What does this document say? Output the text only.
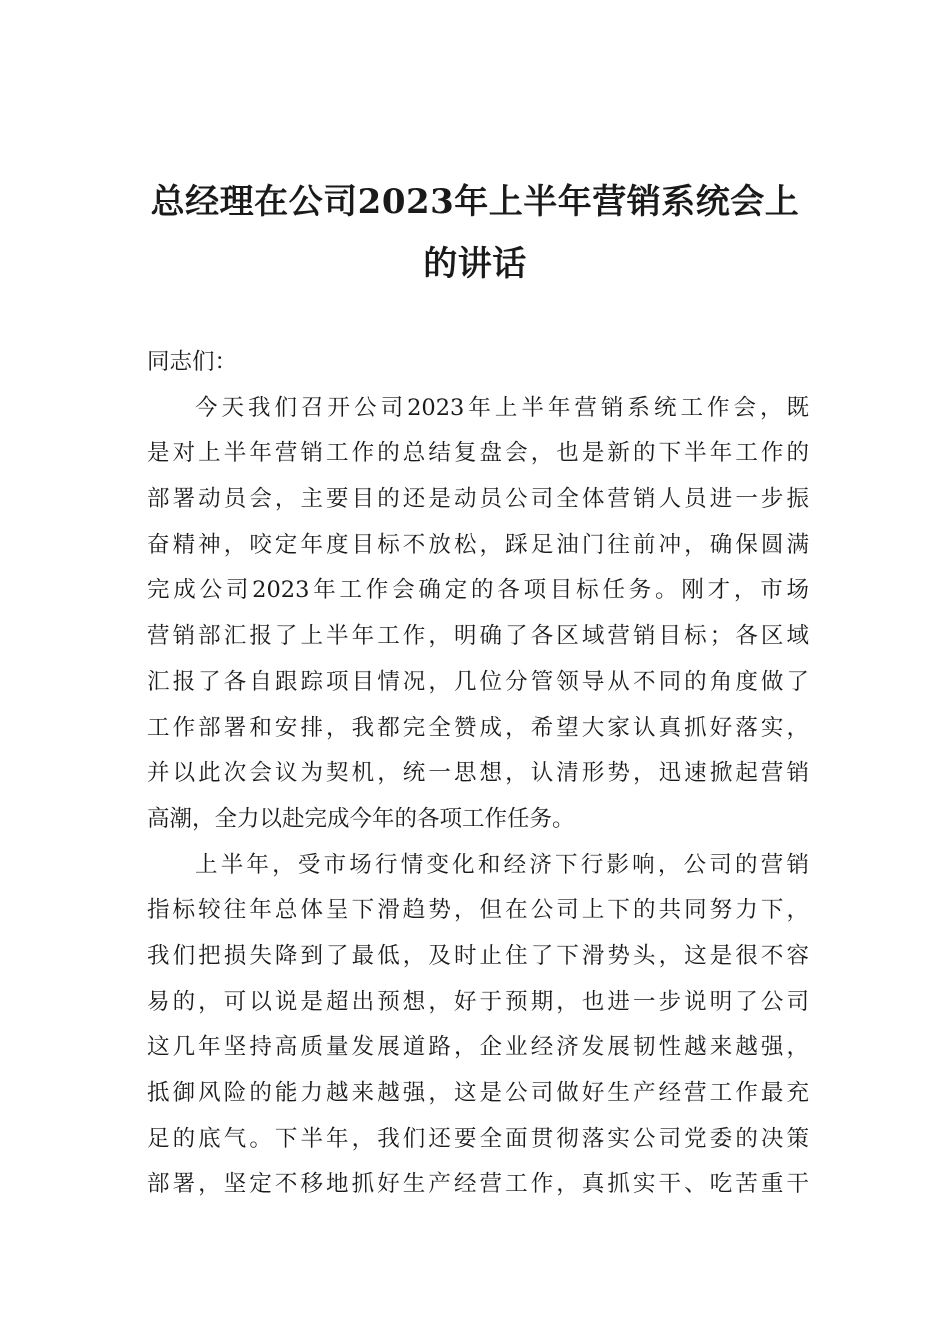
总经理在公司2023年上半年营销系统会上
的讲话
同志们：
今天我们召开公司2023年上半年营销系统工作会，既
是对上半年营销工作的总结复盘会，也是新的下半年工作的
部署动员会，主要目的还是动员公司全体营销人员进一步振
奋精神，咬定年度目标不放松，踩足油门往前冲，确保圆满
完成公司2023年工作会确定的各项目标任务。刚才，市场
营销部汇报了上半年工作，明确了各区域营销目标；各区域
汇报了各自跟踪项目情况，几位分管领导从不同的角度做了
工作部署和安排，我都完全赞成，希望大家认真抓好落实，
并以此次会议为契机，统一思想，认清形势，迅速掀起营销
高潮，全力以赴完成今年的各项工作任务。
上半年，受市场行情变化和经济下行影响，公司的营销
指标较往年总体呈下滑趋势，但在公司上下的共同努力下，
我们把损失降到了最低，及时止住了下滑势头，这是很不容
易的，可以说是超出预想，好于预期，也进一步说明了公司
这几年坚持高质量发展道路，企业经济发展韧性越来越强，
抵御风险的能力越来越强，这是公司做好生产经营工作最充
足的底气。下半年，我们还要全面贯彻落实公司党委的决策
部署，坚定不移地抓好生产经营工作，真抓实干、吃苦重干
